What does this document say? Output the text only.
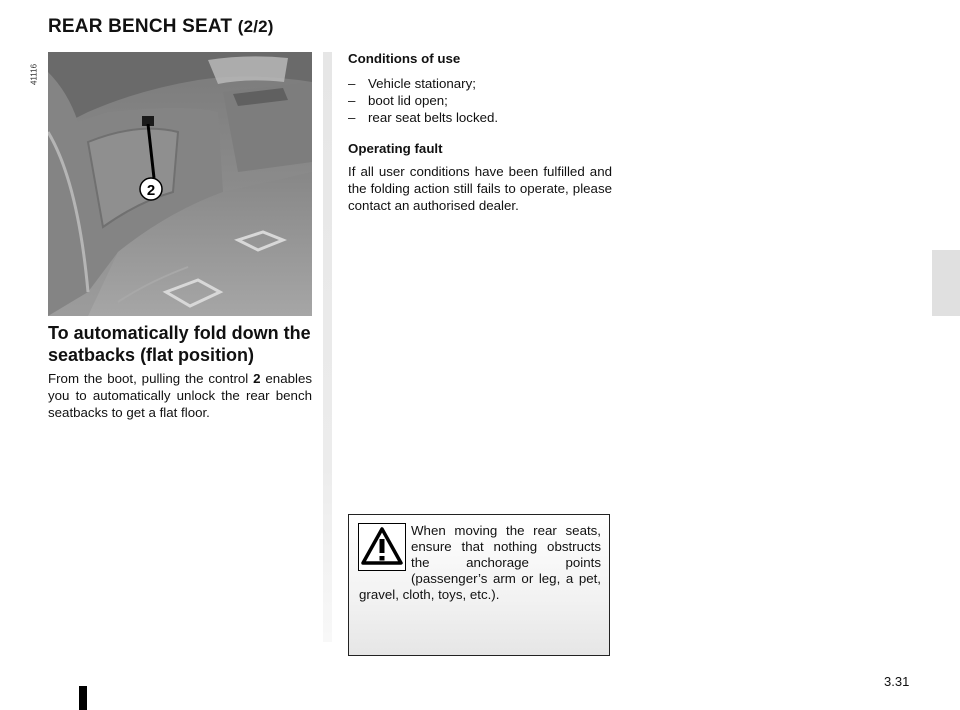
REAR BENCH SEAT (2/2)
41116
2
To automatically fold down the seatbacks (flat position)
From the boot, pulling the control 2 enables you to automatically unlock the rear bench seatbacks to get a flat floor.
Conditions of use
– Vehicle stationary;
– boot lid open;
– rear seat belts locked.
Operating fault
If all user conditions have been fulfilled and the folding action still fails to operate, please contact an authorised dealer.
When moving the rear seats, ensure that nothing obstructs the anchorage points (passenger’s arm or leg, a pet, gravel, cloth, toys, etc.).
3.31
